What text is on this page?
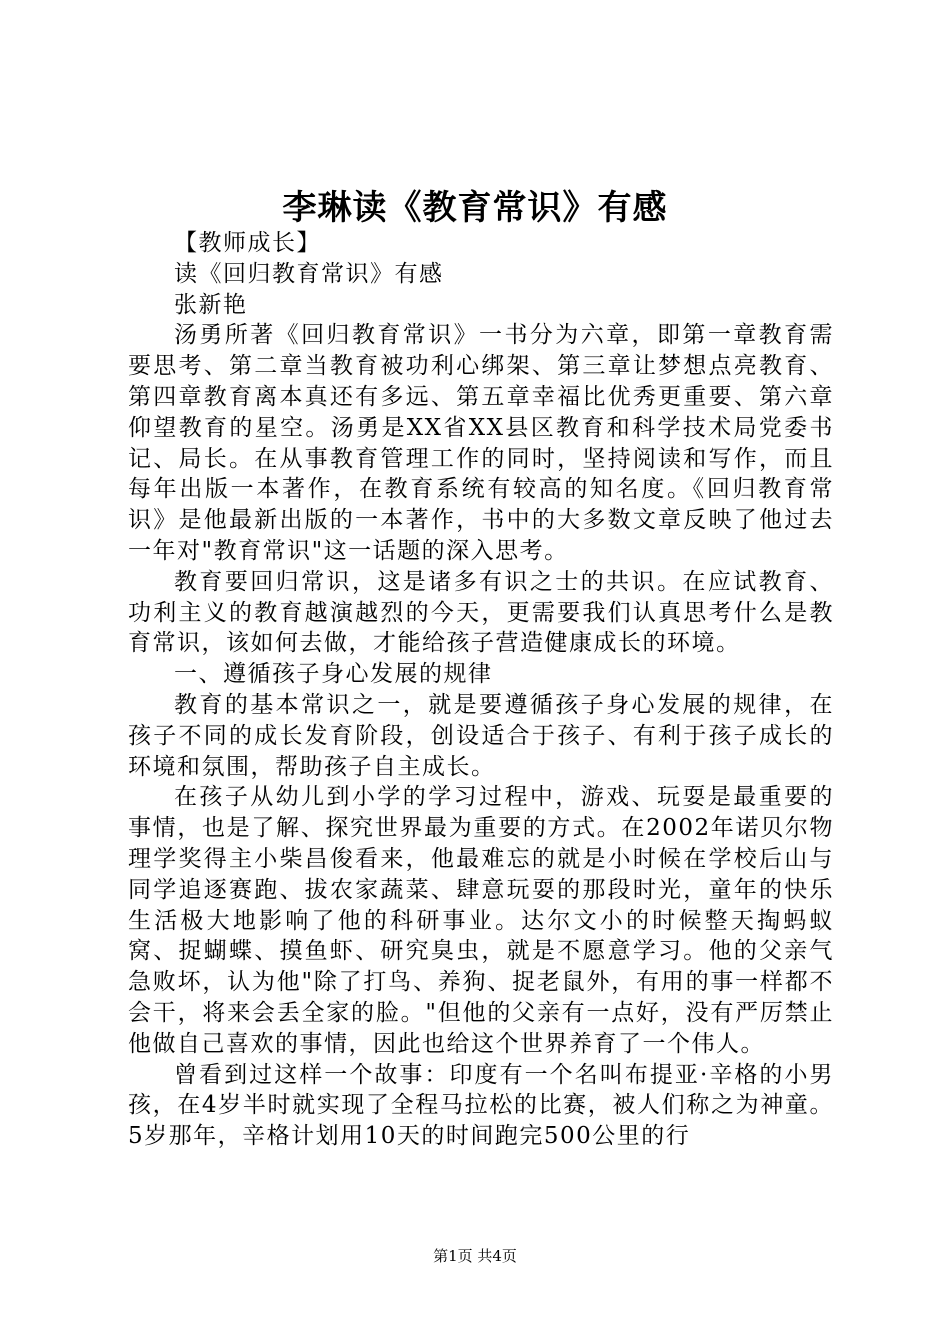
李琳读《教育常识》有感

【教师成长】

读《回归教育常识》有感

张新艳

汤勇所著《回归教育常识》一书分为六章，即第一章教育需要思考、第二章当教育被功利心绑架、第三章让梦想点亮教育、第四章教育离本真还有多远、第五章幸福比优秀更重要、第六章仰望教育的星空。汤勇是XX省XX县区教育和科学技术局党委书记、局长。在从事教育管理工作的同时，坚持阅读和写作，而且每年出版一本著作，在教育系统有较高的知名度。《回归教育常识》是他最新出版的一本著作，书中的大多数文章反映了他过去一年对"教育常识"这一话题的深入思考。

教育要回归常识，这是诸多有识之士的共识。在应试教育、功利主义的教育越演越烈的今天，更需要我们认真思考什么是教育常识，该如何去做，才能给孩子营造健康成长的环境。

一、遵循孩子身心发展的规律

教育的基本常识之一，就是要遵循孩子身心发展的规律，在孩子不同的成长发育阶段，创设适合于孩子、有利于孩子成长的环境和氛围，帮助孩子自主成长。

在孩子从幼儿到小学的学习过程中，游戏、玩耍是最重要的事情，也是了解、探究世界最为重要的方式。在2002年诺贝尔物理学奖得主小柴昌俊看来，他最难忘的就是小时候在学校后山与同学追逐赛跑、拔农家蔬菜、肆意玩耍的那段时光，童年的快乐生活极大地影响了他的科研事业。达尔文小的时候整天掏蚂蚁窝、捉蝴蝶、摸鱼虾、研究臭虫，就是不愿意学习。他的父亲气急败坏，认为他"除了打鸟、养狗、捉老鼠外，有用的事一样都不会干，将来会丢全家的脸。"但他的父亲有一点好，没有严厉禁止他做自己喜欢的事情，因此也给这个世界养育了一个伟人。

曾看到过这样一个故事：印度有一个名叫布提亚·辛格的小男孩，在4岁半时就实现了全程马拉松的比赛，被人们称之为神童。5岁那年，辛格计划用10天的时间跑完500公里的行

第1页 共4页
